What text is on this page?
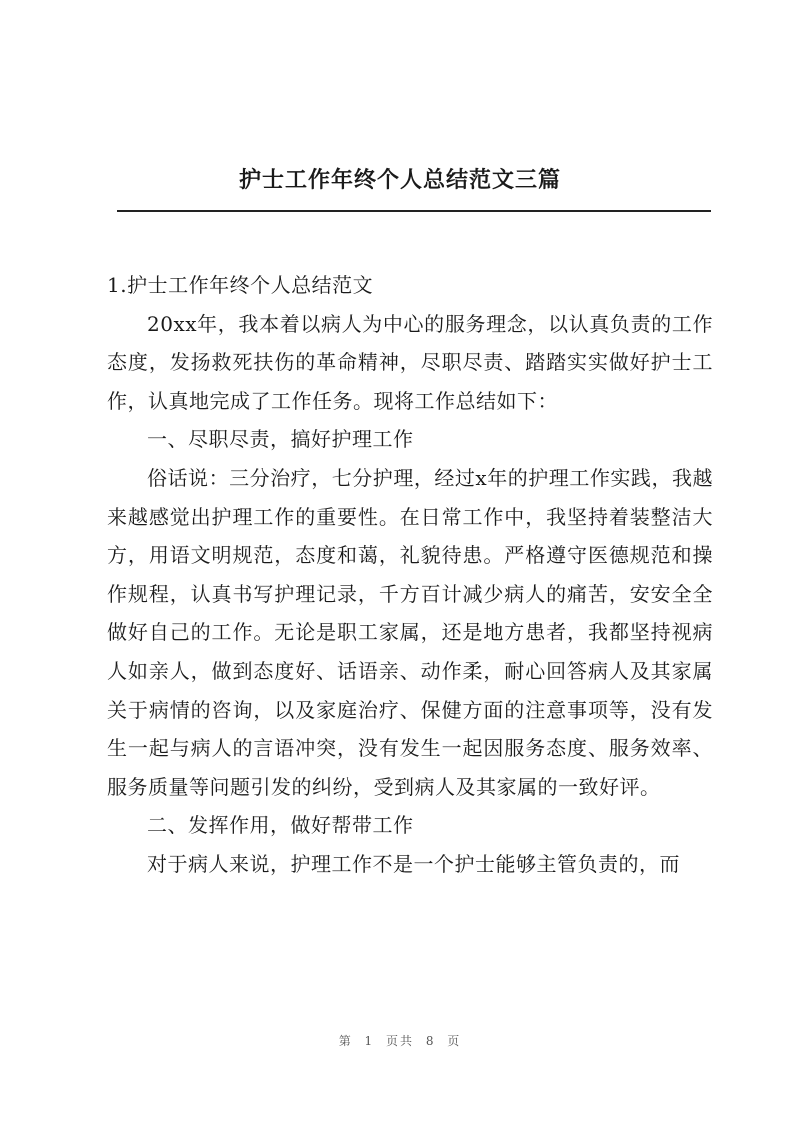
护士工作年终个人总结范文三篇

1.护士工作年终个人总结范文

20xx年，我本着以病人为中心的服务理念，以认真负责的工作态度，发扬救死扶伤的革命精神，尽职尽责、踏踏实实做好护士工作，认真地完成了工作任务。现将工作总结如下：

一、尽职尽责，搞好护理工作

俗话说：三分治疗，七分护理，经过x年的护理工作实践，我越来越感觉出护理工作的重要性。在日常工作中，我坚持着装整洁大方，用语文明规范，态度和蔼，礼貌待患。严格遵守医德规范和操作规程，认真书写护理记录，千方百计减少病人的痛苦，安安全全做好自己的工作。无论是职工家属，还是地方患者，我都坚持视病人如亲人，做到态度好、话语亲、动作柔，耐心回答病人及其家属关于病情的咨询，以及家庭治疗、保健方面的注意事项等，没有发生一起与病人的言语冲突，没有发生一起因服务态度、服务效率、服务质量等问题引发的纠纷，受到病人及其家属的一致好评。

二、发挥作用，做好帮带工作

对于病人来说，护理工作不是一个护士能够主管负责的，而

第 1 页共 8 页
